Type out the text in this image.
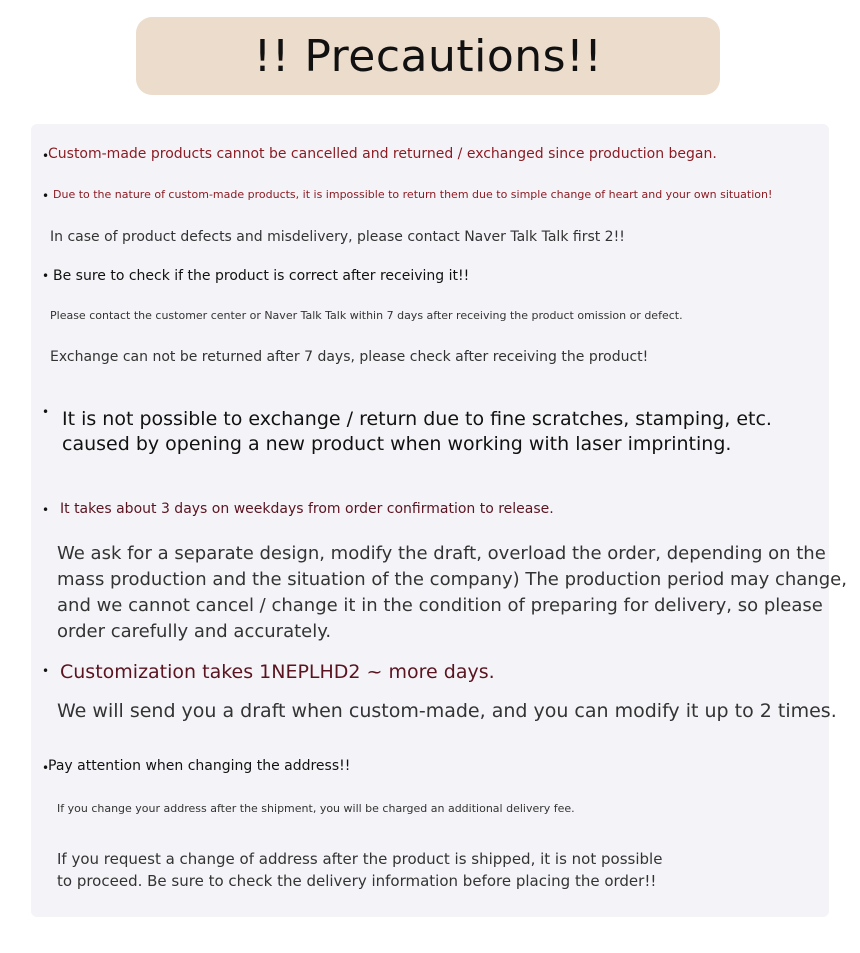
!! Precautions!!
•
Custom-made products cannot be cancelled and returned / exchanged since production began.
• Due to the nature of custom-made products, it is impossible to return them due to simple change of heart and your own situation!
In case of product defects and misdelivery, please contact Naver Talk Talk first 2!!
• Be sure to check if the product is correct after receiving it!!
Please contact the customer center or Naver Talk Talk within 7 days after receiving the product omission or defect.
Exchange can not be returned after 7 days, please check after receiving the product!
• It is not possible to exchange / return due to fine scratches, stamping, etc.
caused by opening a new product when working with laser imprinting.
• It takes about 3 days on weekdays from order confirmation to release.
We ask for a separate design, modify the draft, overload the order, depending on the
mass production and the situation of the company) The production period may change,
and we cannot cancel / change it in the condition of preparing for delivery, so please
order carefully and accurately.
• Customization takes 1NEPLHD2 ~ more days.
We will send you a draft when custom-made, and you can modify it up to 2 times.
•
Pay attention when changing the address!!
If you change your address after the shipment, you will be charged an additional delivery fee.
If you request a change of address after the product is shipped, it is not possible
to proceed. Be sure to check the delivery information before placing the order!!
